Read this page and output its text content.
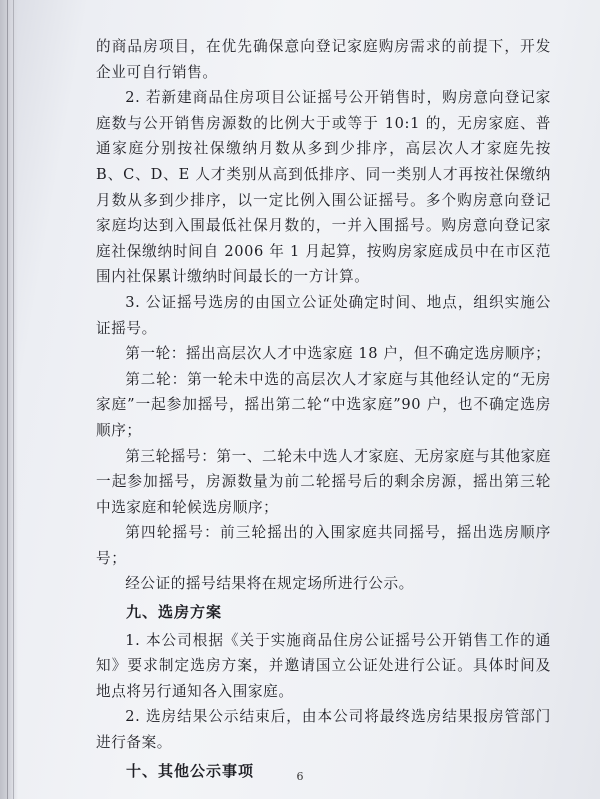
的商品房项目，在优先确保意向登记家庭购房需求的前提下，开发企业可自行销售。

2. 若新建商品住房项目公证摇号公开销售时，购房意向登记家庭数与公开销售房源数的比例大于或等于 10:1 的，无房家庭、普通家庭分别按社保缴纳月数从多到少排序，高层次人才家庭先按 B、C、D、E 人才类别从高到低排序、同一类别人才再按社保缴纳月数从多到少排序，以一定比例入围公证摇号。多个购房意向登记家庭均达到入围最低社保月数的，一并入围摇号。购房意向登记家庭社保缴纳时间自 2006 年 1 月起算，按购房家庭成员中在市区范围内社保累计缴纳时间最长的一方计算。

3. 公证摇号选房的由国立公证处确定时间、地点，组织实施公证摇号。

第一轮：摇出高层次人才中选家庭 18 户，但不确定选房顺序；

第二轮：第一轮未中选的高层次人才家庭与其他经认定的“无房家庭”一起参加摇号，摇出第二轮“中选家庭”90 户，也不确定选房顺序；

第三轮摇号：第一、二轮未中选人才家庭、无房家庭与其他家庭一起参加摇号，房源数量为前二轮摇号后的剩余房源，摇出第三轮中选家庭和轮候选房顺序；

第四轮摇号：前三轮摇出的入围家庭共同摇号，摇出选房顺序号；

经公证的摇号结果将在规定场所进行公示。

九、选房方案

1. 本公司根据《关于实施商品住房公证摇号公开销售工作的通知》要求制定选房方案，并邀请国立公证处进行公证。具体时间及地点将另行通知各入围家庭。

2. 选房结果公示结束后，由本公司将最终选房结果报房管部门进行备案。

十、其他公示事项	6
